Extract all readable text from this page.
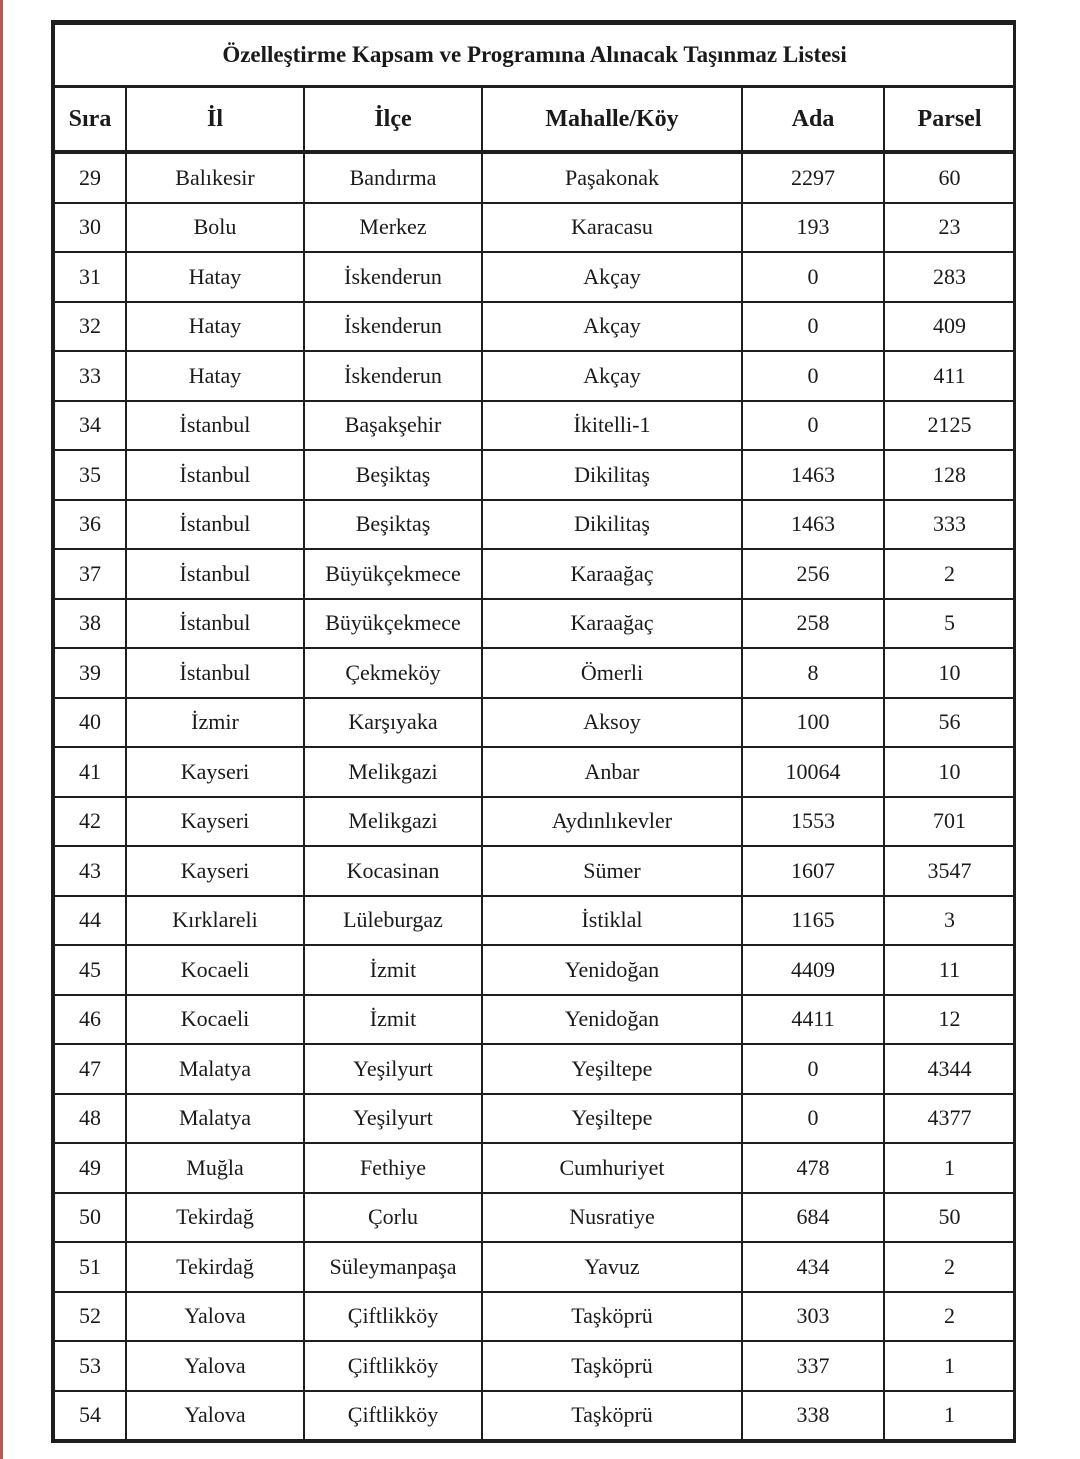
Özelleştirme Kapsam ve Programına Alınacak Taşınmaz Listesi					
Sıra	İl	İlçe	Mahalle/Köy	Ada	Parsel
29	Balıkesir	Bandırma	Paşakonak	2297	60
30	Bolu	Merkez	Karacasu	193	23
31	Hatay	İskenderun	Akçay	0	283
32	Hatay	İskenderun	Akçay	0	409
33	Hatay	İskenderun	Akçay	0	411
34	İstanbul	Başakşehir	İkitelli-1	0	2125
35	İstanbul	Beşiktaş	Dikilitaş	1463	128
36	İstanbul	Beşiktaş	Dikilitaş	1463	333
37	İstanbul	Büyükçekmece	Karaağaç	256	2
38	İstanbul	Büyükçekmece	Karaağaç	258	5
39	İstanbul	Çekmeköy	Ömerli	8	10
40	İzmir	Karşıyaka	Aksoy	100	56
41	Kayseri	Melikgazi	Anbar	10064	10
42	Kayseri	Melikgazi	Aydınlıkevler	1553	701
43	Kayseri	Kocasinan	Sümer	1607	3547
44	Kırklareli	Lüleburgaz	İstiklal	1165	3
45	Kocaeli	İzmit	Yenidoğan	4409	11
46	Kocaeli	İzmit	Yenidoğan	4411	12
47	Malatya	Yeşilyurt	Yeşiltepe	0	4344
48	Malatya	Yeşilyurt	Yeşiltepe	0	4377
49	Muğla	Fethiye	Cumhuriyet	478	1
50	Tekirdağ	Çorlu	Nusratiye	684	50
51	Tekirdağ	Süleymanpaşa	Yavuz	434	2
52	Yalova	Çiftlikköy	Taşköprü	303	2
53	Yalova	Çiftlikköy	Taşköprü	337	1
54	Yalova	Çiftlikköy	Taşköprü	338	1
